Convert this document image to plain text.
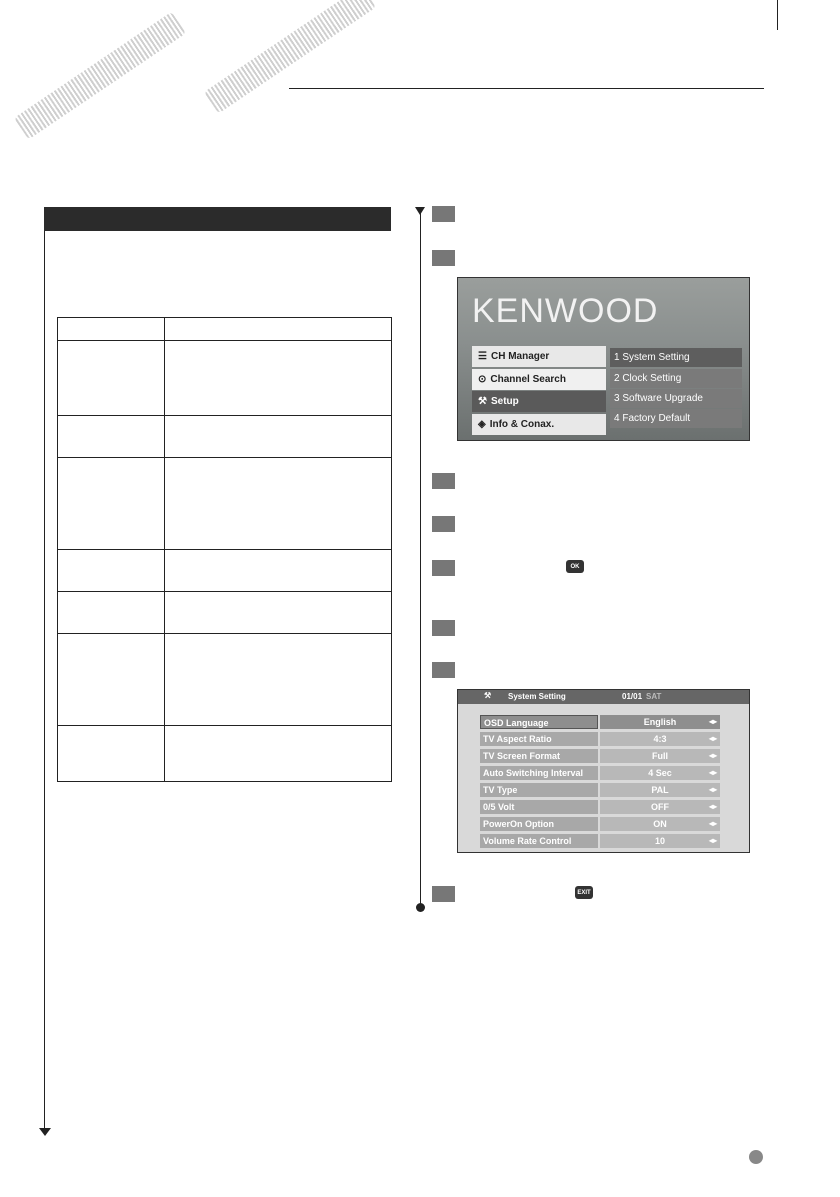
OK
EXIT
KENWOOD
☰ CH Manager
⊙ Channel Search
⚒ Setup
◈ Info & Conax.
1 System Setting
2 Clock Setting
3 Software Upgrade
4 Factory Default
⚒ System Setting	01/01 SAT
OSD Language	English	◂▸
TV Aspect Ratio	4:3	◂▸
TV Screen Format	Full	◂▸
Auto Switching Interval	4 Sec	◂▸
TV Type	PAL	◂▸
0/5 Volt	OFF	◂▸
PowerOn Option	ON	◂▸
Volume Rate Control	10	◂▸
